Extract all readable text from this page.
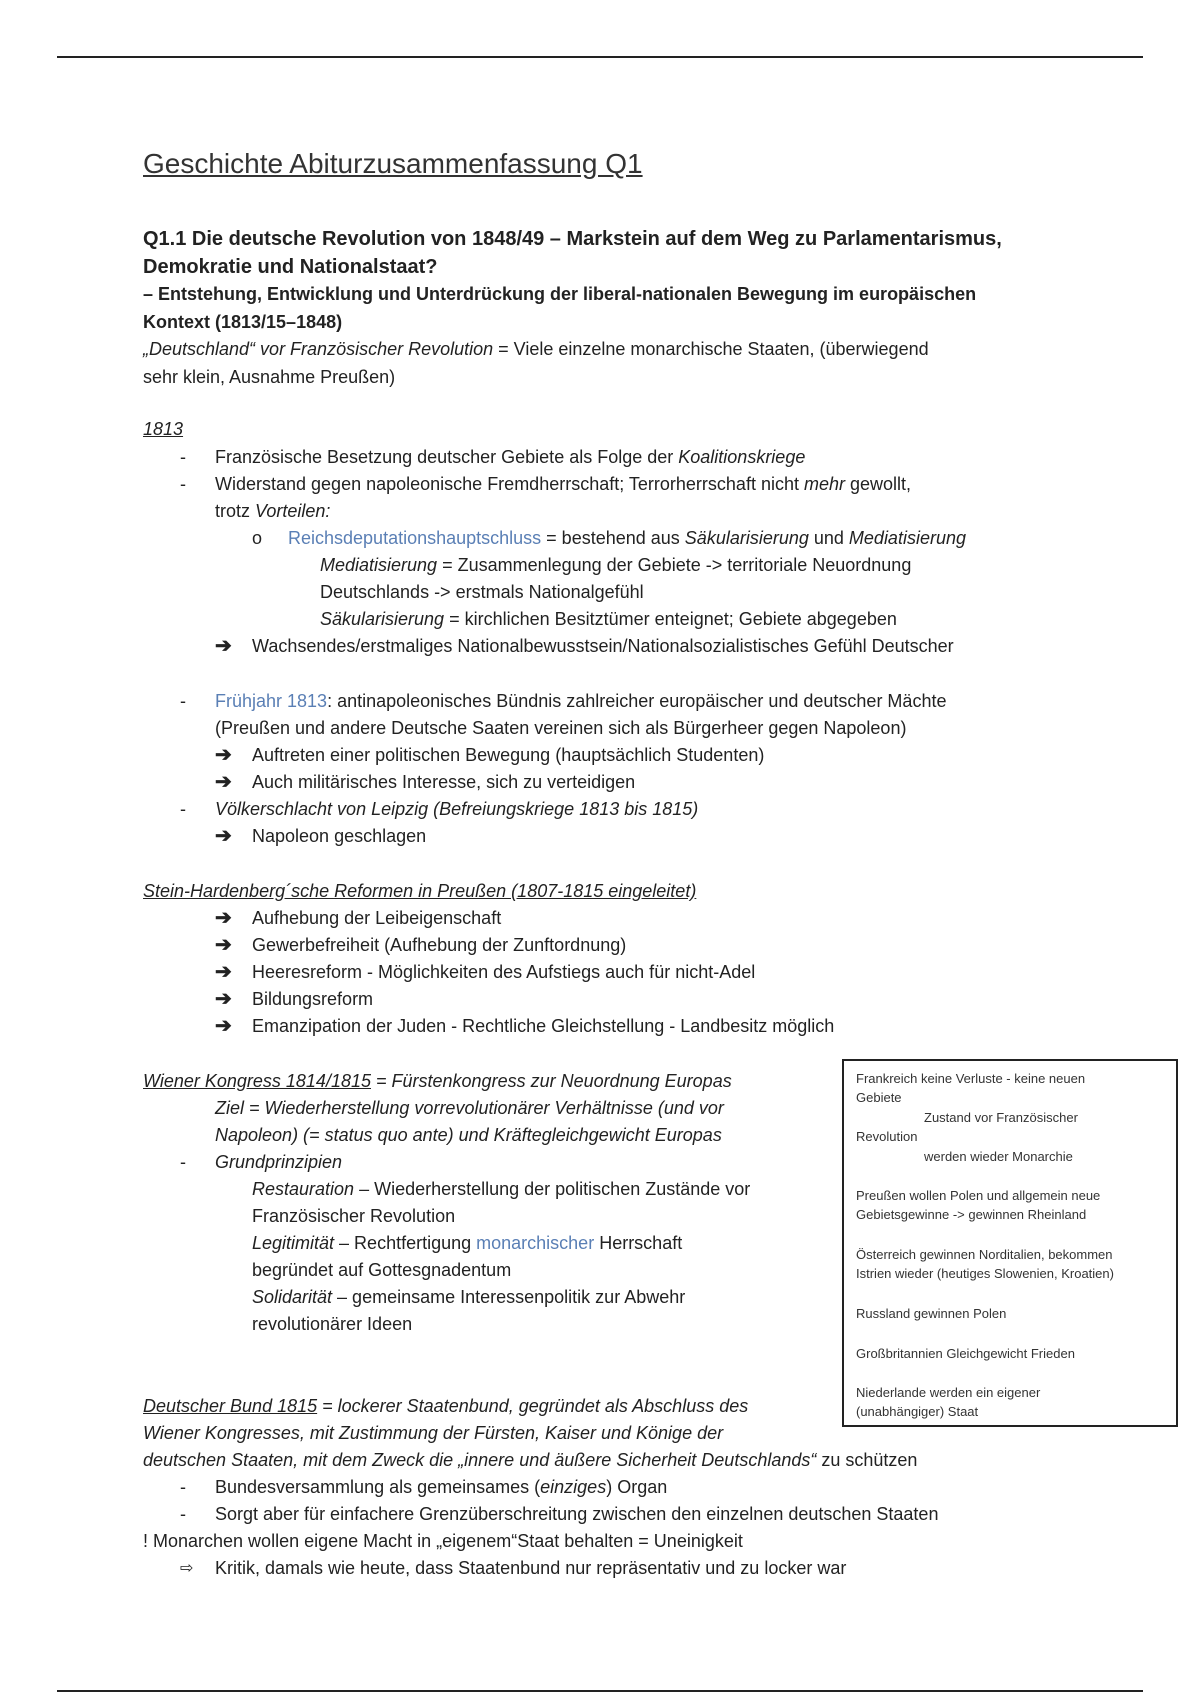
Geschichte Abiturzusammenfassung Q1
Q1.1 Die deutsche Revolution von 1848/49 – Markstein auf dem Weg zu Parlamentarismus,
Demokratie und Nationalstaat?
– Entstehung, Entwicklung und Unterdrückung der liberal-nationalen Bewegung im europäischen
Kontext (1813/15–1848)
„Deutschland“ vor Französischer Revolution = Viele einzelne monarchische Staaten, (überwiegend
sehr klein, Ausnahme Preußen)
1813
- Französische Besetzung deutscher Gebiete als Folge der Koalitionskriege
- Widerstand gegen napoleonische Fremdherrschaft; Terrorherrschaft nicht mehr gewollt,
trotz Vorteilen:
o Reichsdeputationshauptschluss = bestehend aus Säkularisierung und Mediatisierung
Mediatisierung = Zusammenlegung der Gebiete -> territoriale Neuordnung
Deutschlands -> erstmals Nationalgefühl
Säkularisierung = kirchlichen Besitztümer enteignet; Gebiete abgegeben
➔ Wachsendes/erstmaliges Nationalbewusstsein/Nationalsozialistisches Gefühl Deutscher
- Frühjahr 1813: antinapoleonisches Bündnis zahlreicher europäischer und deutscher Mächte
(Preußen und andere Deutsche Saaten vereinen sich als Bürgerheer gegen Napoleon)
➔ Auftreten einer politischen Bewegung (hauptsächlich Studenten)
➔ Auch militärisches Interesse, sich zu verteidigen
- Völkerschlacht von Leipzig (Befreiungskriege 1813 bis 1815)
➔ Napoleon geschlagen
Stein-Hardenberg´sche Reformen in Preußen (1807-1815 eingeleitet)
➔ Aufhebung der Leibeigenschaft
➔ Gewerbefreiheit (Aufhebung der Zunftordnung)
➔ Heeresreform - Möglichkeiten des Aufstiegs auch für nicht-Adel
➔ Bildungsreform
➔ Emanzipation der Juden - Rechtliche Gleichstellung - Landbesitz möglich
Wiener Kongress 1814/1815 = Fürstenkongress zur Neuordnung Europas
Ziel = Wiederherstellung vorrevolutionärer Verhältnisse (und vor
Napoleon) (= status quo ante) und Kräftegleichgewicht Europas
- Grundprinzipien
Restauration – Wiederherstellung der politischen Zustände vor
Französischer Revolution
Legitimität – Rechtfertigung monarchischer Herrschaft
begründet auf Gottesgnadentum
Solidarität – gemeinsame Interessenpolitik zur Abwehr
revolutionärer Ideen
Frankreich keine Verluste - keine neuen
Gebiete
Zustand vor Französischer
Revolution
werden wieder Monarchie
Preußen wollen Polen und allgemein neue
Gebietsgewinne -> gewinnen Rheinland
Österreich gewinnen Norditalien, bekommen
Istrien wieder (heutiges Slowenien, Kroatien)
Russland gewinnen Polen
Großbritannien Gleichgewicht Frieden
Niederlande werden ein eigener
(unabhängiger) Staat
Deutscher Bund 1815 = lockerer Staatenbund, gegründet als Abschluss des
Wiener Kongresses, mit Zustimmung der Fürsten, Kaiser und Könige der
deutschen Staaten, mit dem Zweck die „innere und äußere Sicherheit Deutschlands“ zu schützen
- Bundesversammlung als gemeinsames (einziges) Organ
- Sorgt aber für einfachere Grenzüberschreitung zwischen den einzelnen deutschen Staaten
! Monarchen wollen eigene Macht in „eigenem“Staat behalten = Uneinigkeit
⇨ Kritik, damals wie heute, dass Staatenbund nur repräsentativ und zu locker war
